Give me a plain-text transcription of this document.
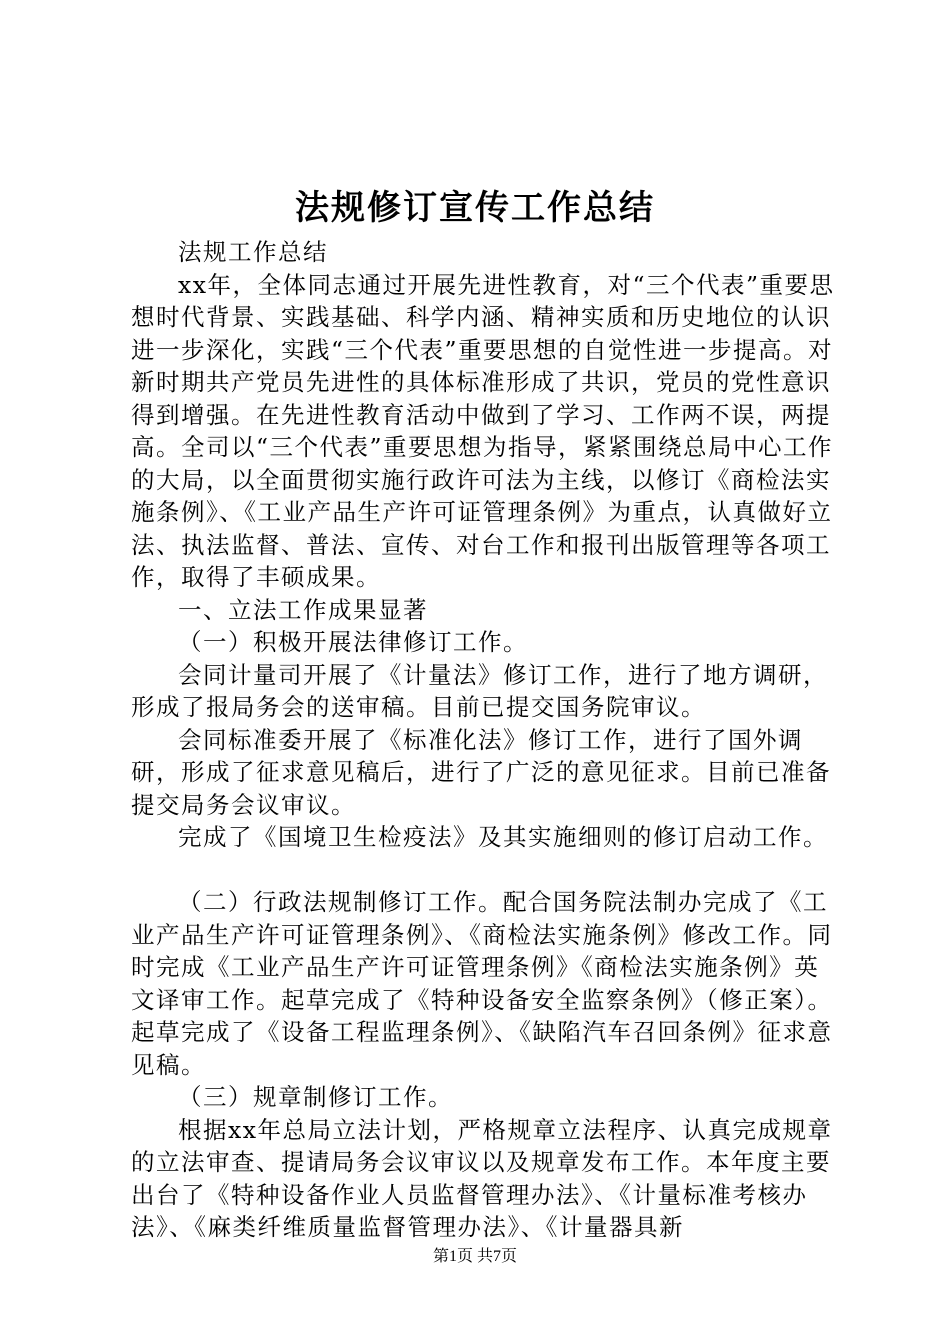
法规修订宣传工作总结

法规工作总结

xx年，全体同志通过开展先进性教育，对“三个代表”重要思想时代背景、实践基础、科学内涵、精神实质和历史地位的认识进一步深化，实践“三个代表”重要思想的自觉性进一步提高。对新时期共产党员先进性的具体标准形成了共识，党员的党性意识得到增强。在先进性教育活动中做到了学习、工作两不误，两提高。全司以“三个代表”重要思想为指导，紧紧围绕总局中心工作的大局，以全面贯彻实施行政许可法为主线，以修订《商检法实施条例》、《工业产品生产许可证管理条例》为重点，认真做好立法、执法监督、普法、宣传、对台工作和报刊出版管理等各项工作，取得了丰硕成果。

一、立法工作成果显著

（一）积极开展法律修订工作。

会同计量司开展了《计量法》修订工作，进行了地方调研，形成了报局务会的送审稿。目前已提交国务院审议。

会同标准委开展了《标准化法》修订工作，进行了国外调研，形成了征求意见稿后，进行了广泛的意见征求。目前已准备提交局务会议审议。

完成了《国境卫生检疫法》及其实施细则的修订启动工作。

（二）行政法规制修订工作。配合国务院法制办完成了《工业产品生产许可证管理条例》、《商检法实施条例》修改工作。同时完成《工业产品生产许可证管理条例》《商检法实施条例》英文译审工作。起草完成了《特种设备安全监察条例》（修正案）。起草完成了《设备工程监理条例》、《缺陷汽车召回条例》征求意见稿。

（三）规章制修订工作。

根据xx年总局立法计划，严格规章立法程序、认真完成规章的立法审查、提请局务会议审议以及规章发布工作。本年度主要出台了《特种设备作业人员监督管理办法》、《计量标准考核办法》、《麻类纤维质量监督管理办法》、《计量器具新

第1页 共7页
